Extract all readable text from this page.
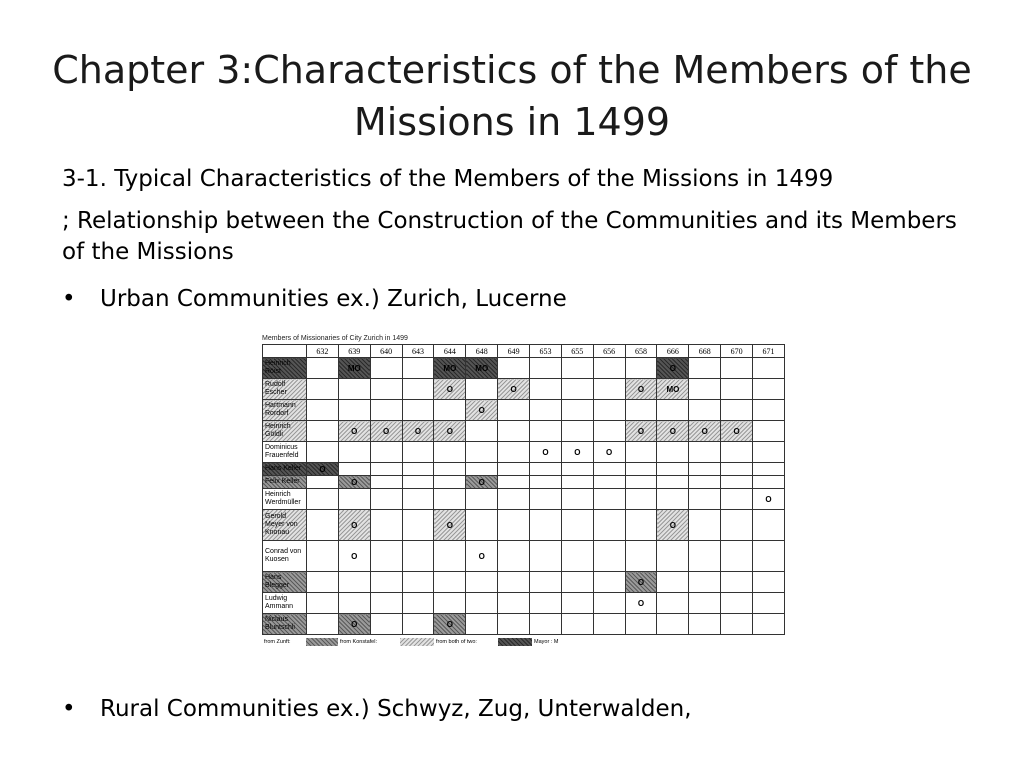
Chapter 3:Characteristics of the Members of the Missions in 1499
3-1. Typical Characteristics of the Members of the Missions in 1499
; Relationship between the Construction of the Communities and its Members of the Missions
• Urban Communities ex.) Zurich, Lucerne
Members of Missionaries of City Zurich in 1499
	632	639	640	643	644	648	649	653	655	656	658	666	668	670	671
Heinrich Röist		MO			MO	MO						O			
Rudolf Escher					O		O				O	MO			
Hartmann Rordorf						O									
Heinrich Göldli		O	O	O	O						O	O	O	O	
Dominicus Frauenfeld								O	O	O					
Hans Keller	O														
Felix Keller		O				O									
Heinrich Werdmüller															O
Gerold Meyer von Knonau		O			O							O			
Conrad von Kuosen		O				O									
Hans Blegger											O				
Ludwig Ammann											O				
Niclaus Bluntschli		O			O										
from Zunft:	from Konstafel:	from both of two:	Mayor : M
• Rural Communities ex.) Schwyz, Zug, Unterwalden,
